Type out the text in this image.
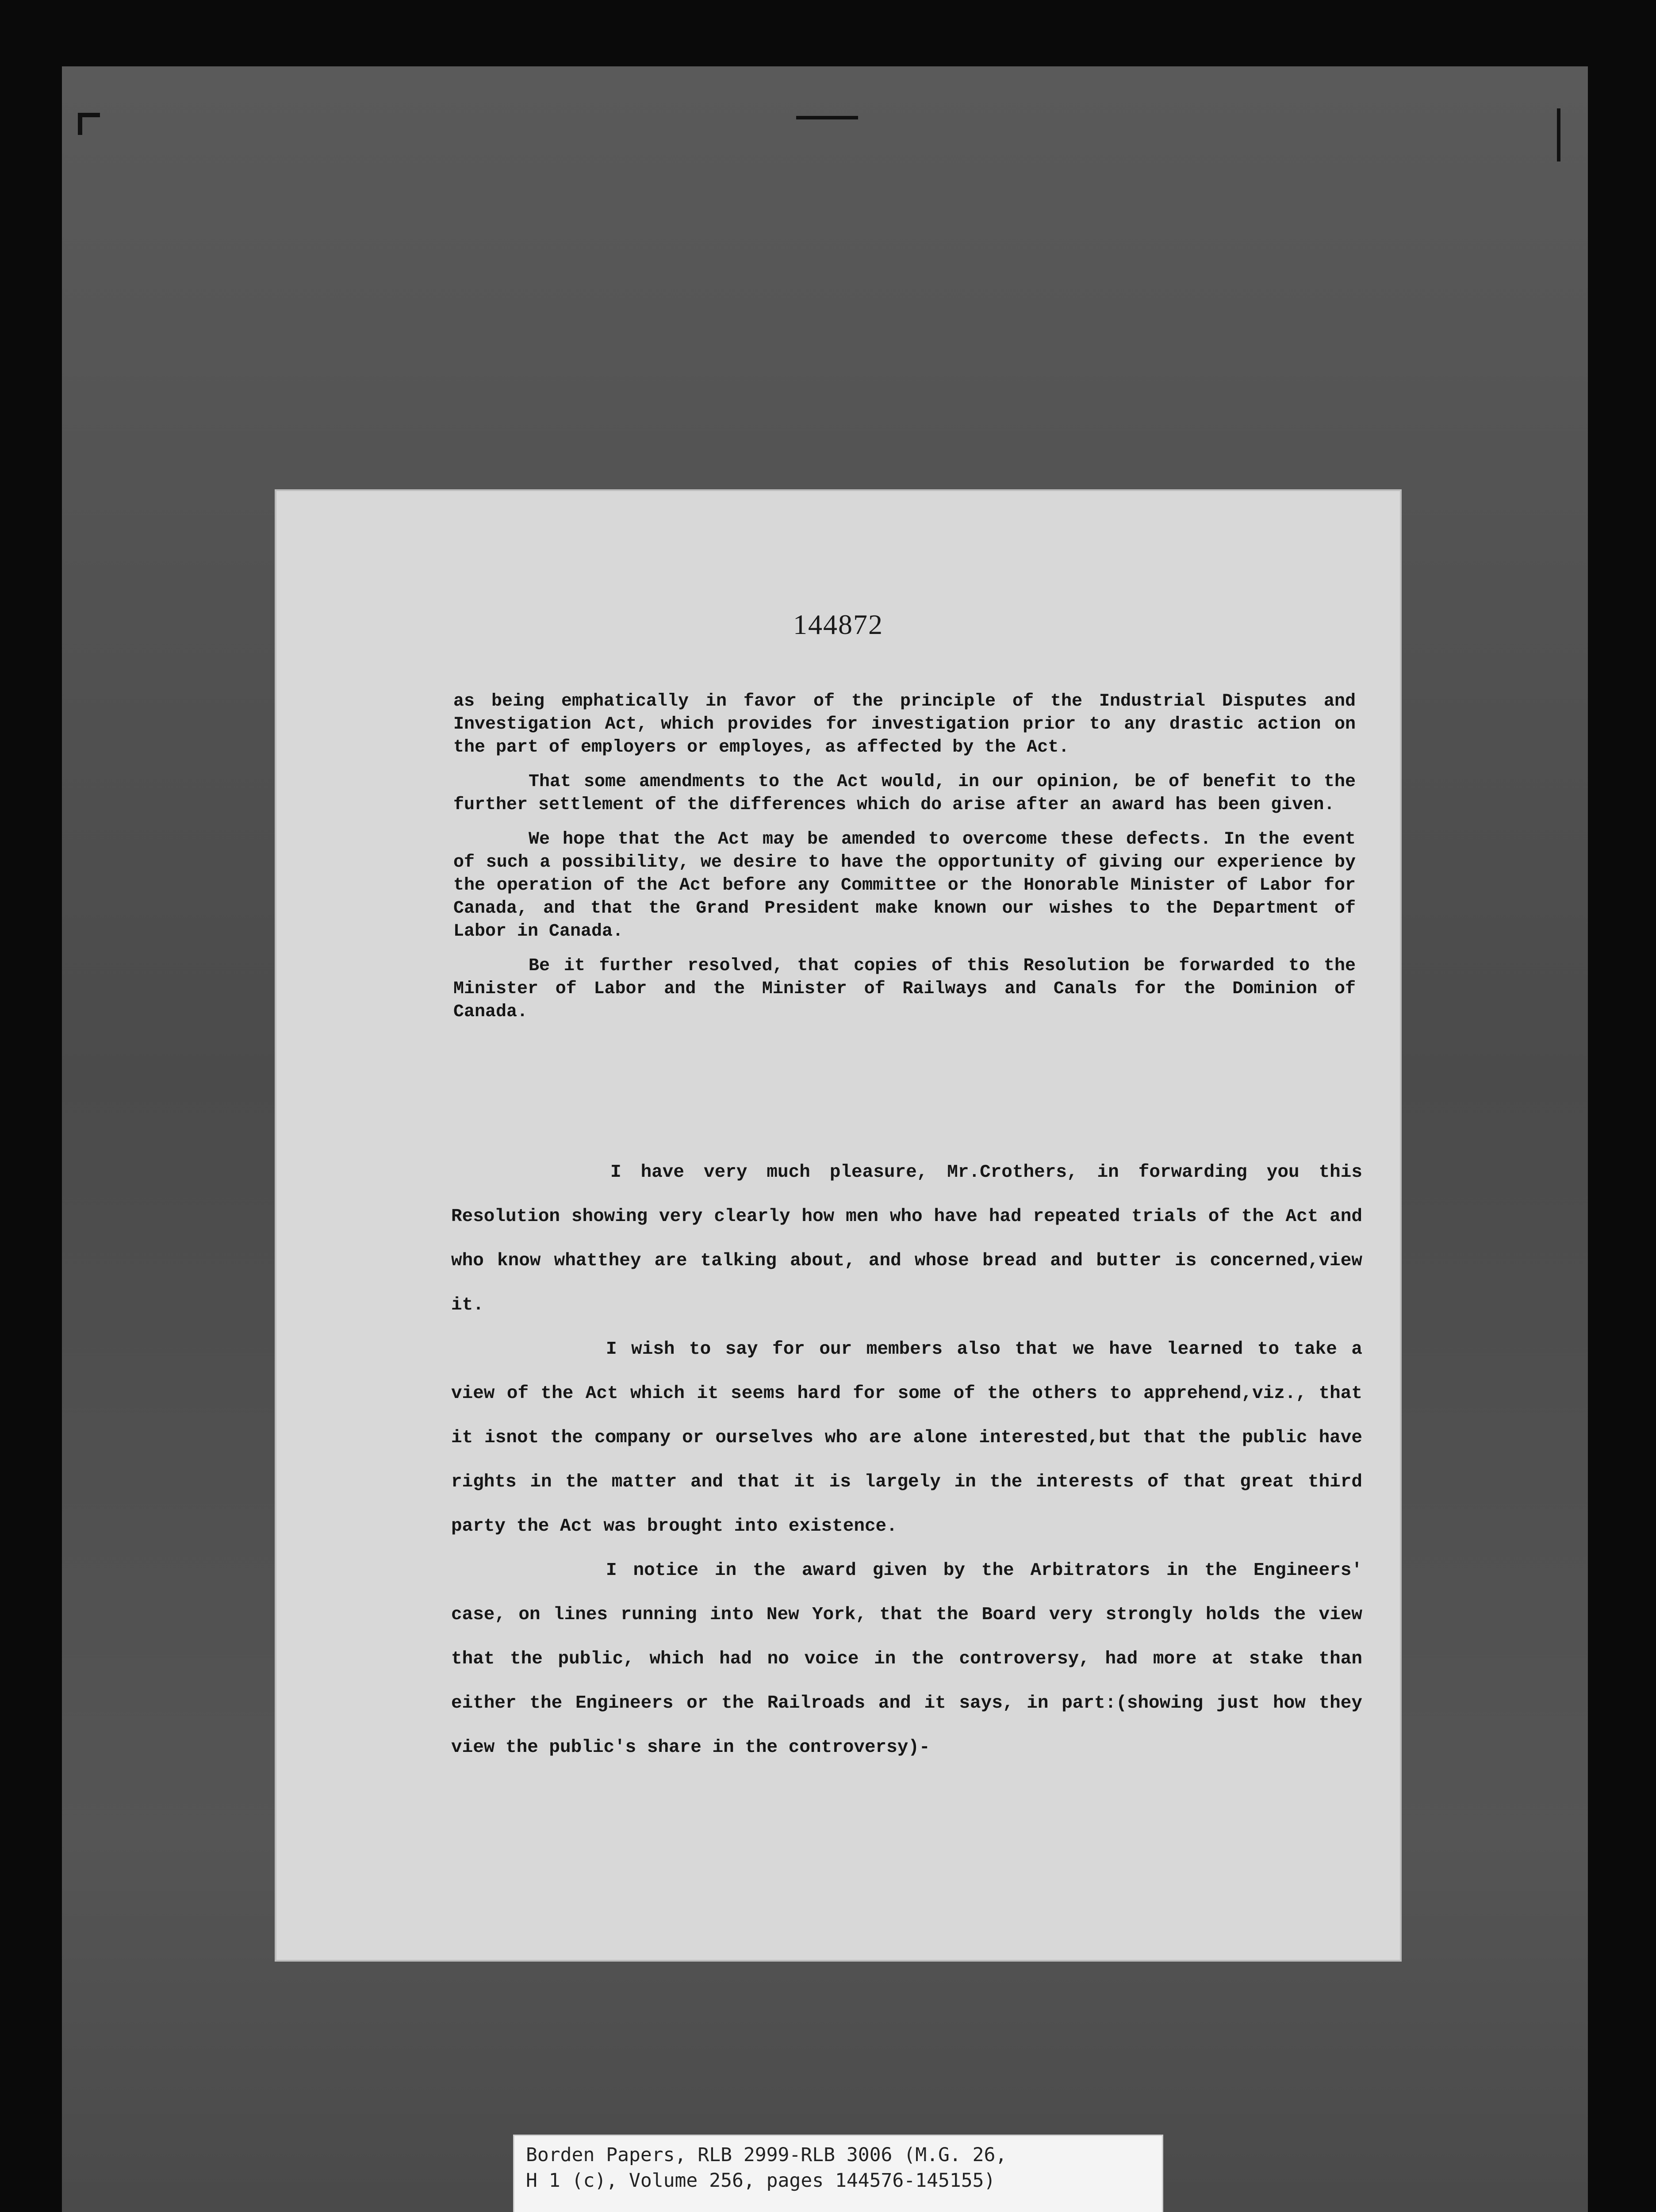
144872

as being emphatically in favor of the principle of the Industrial Disputes and Investigation Act, which provides for investigation prior to any drastic action on the part of employers or employes, as affected by the Act.

That some amendments to the Act would, in our opinion, be of benefit to the further settlement of the differences which do arise after an award has been given.

We hope that the Act may be amended to overcome these defects. In the event of such a possibility, we desire to have the opportunity of giving our experience by the operation of the Act before any Committee or the Honorable Minister of Labor for Canada, and that the Grand President make known our wishes to the Department of Labor in Canada.

Be it further resolved, that copies of this Resolution be forwarded to the Minister of Labor and the Minister of Railways and Canals for the Dominion of Canada.

I have very much pleasure, Mr.Crothers, in forwarding you this Resolution showing very clearly how men who have had repeated trials of the Act and who know whatthey are talking about, and whose bread and butter is concerned,view it.

I wish to say for our members also that we have learned to take a view of the Act which it seems hard for some of the others to apprehend,viz., that it isnot the company or ourselves who are alone interested,but that the public have rights in the matter and that it is largely in the interests of that great third party the Act was brought into existence.

I notice in the award given by the Arbitrators in the Engineers' case, on lines running into New York, that the Board very strongly holds the view that the public, which had no voice in the controversy, had more at stake than either the Engineers or the Railroads and it says, in part:(showing just how they view the public's share in the controversy)-

Borden Papers, RLB 2999-RLB 3006 (M.G. 26,
H 1 (c), Volume 256, pages 144576-145155)
